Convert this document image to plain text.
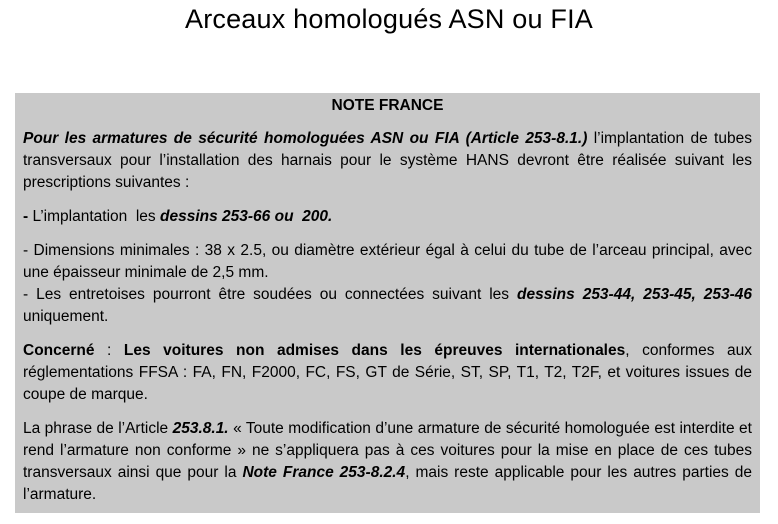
Arceaux homologués ASN ou FIA
NOTE FRANCE

Pour les armatures de sécurité homologuées ASN ou FIA (Article 253-8.1.) l’implantation de tubes transversaux pour l’installation des harnais pour le système HANS devront être réalisée suivant les prescriptions suivantes :

- L’implantation  les dessins 253-66 ou  200.

- Dimensions minimales : 38 x 2.5, ou diamètre extérieur égal à celui du tube de l’arceau principal, avec une épaisseur minimale de 2,5 mm.

- Les entretoises pourront être soudées ou connectées suivant les dessins 253-44, 253-45, 253-46 uniquement.

Concerné : Les voitures non admises dans les épreuves internationales, conformes aux réglementations FFSA : FA, FN, F2000, FC, FS, GT de Série, ST, SP, T1, T2, T2F, et voitures issues de coupe de marque.

La phrase de l’Article 253.8.1. « Toute modification d’une armature de sécurité homologuée est interdite et rend l’armature non conforme » ne s’appliquera pas à ces voitures pour la mise en place de ces tubes transversaux ainsi que pour la Note France 253-8.2.4, mais reste applicable pour les autres parties de l’armature.
